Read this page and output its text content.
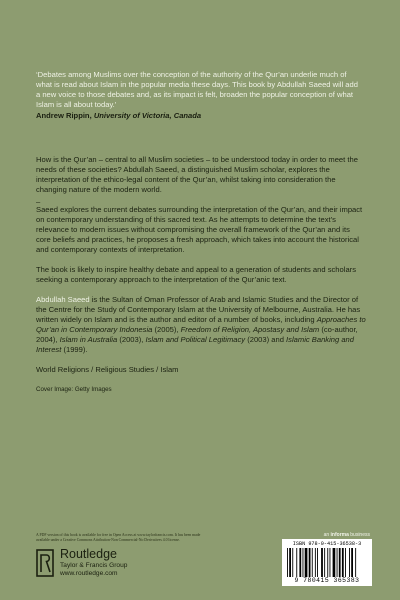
‘Debates among Muslims over the conception of the authority of the Qur’an underlie much of what is read about Islam in the popular media these days. This book by Abdullah Saeed will add a new voice to those debates and, as its impact is felt, broaden the popular conception of what Islam is all about today.’

Andrew Rippin, University of Victoria, Canada

How is the Qur’an – central to all Muslim societies – to be understood today in order to meet the needs of these societies? Abdullah Saeed, a distinguished Muslim scholar, explores the interpretation of the ethico-legal content of the Qur’an, whilst taking into consideration the changing nature of the modern world.

–

Saeed explores the current debates surrounding the interpretation of the Qur’an, and their impact on contemporary understanding of this sacred text. As he attempts to determine the text’s relevance to modern issues without compromising the overall framework of the Qur’an and its core beliefs and practices, he proposes a fresh approach, which takes into account the historical and contemporary contexts of interpretation.

The book is likely to inspire healthy debate and appeal to a generation of students and scholars seeking a contemporary approach to the interpretation of the Qur’anic text.

Abdullah Saeed is the Sultan of Oman Professor of Arab and Islamic Studies and the Director of the Centre for the Study of Contemporary Islam at the University of Melbourne, Australia. He has written widely on Islam and is the author and editor of a number of books, including Approaches to Qur’an in Contemporary Indonesia (2005), Freedom of Religion, Apostasy and Islam (co-author, 2004), Islam in Australia (2003), Islam and Political Legitimacy (2003) and Islamic Banking and Interest (1999).

World Religions / Religious Studies / Islam

Cover Image: Getty Images

A PDF version of this book is available for free in Open Access at www.taylorfrancis.com. It has been made available under a Creative Commons Attribution-Non Commercial-No Derivatives 4.0 license.
Routledge
Taylor & Francis Group
www.routledge.com
an informa business
ISBN 978-0-415-36538-3
9 780415 365383
